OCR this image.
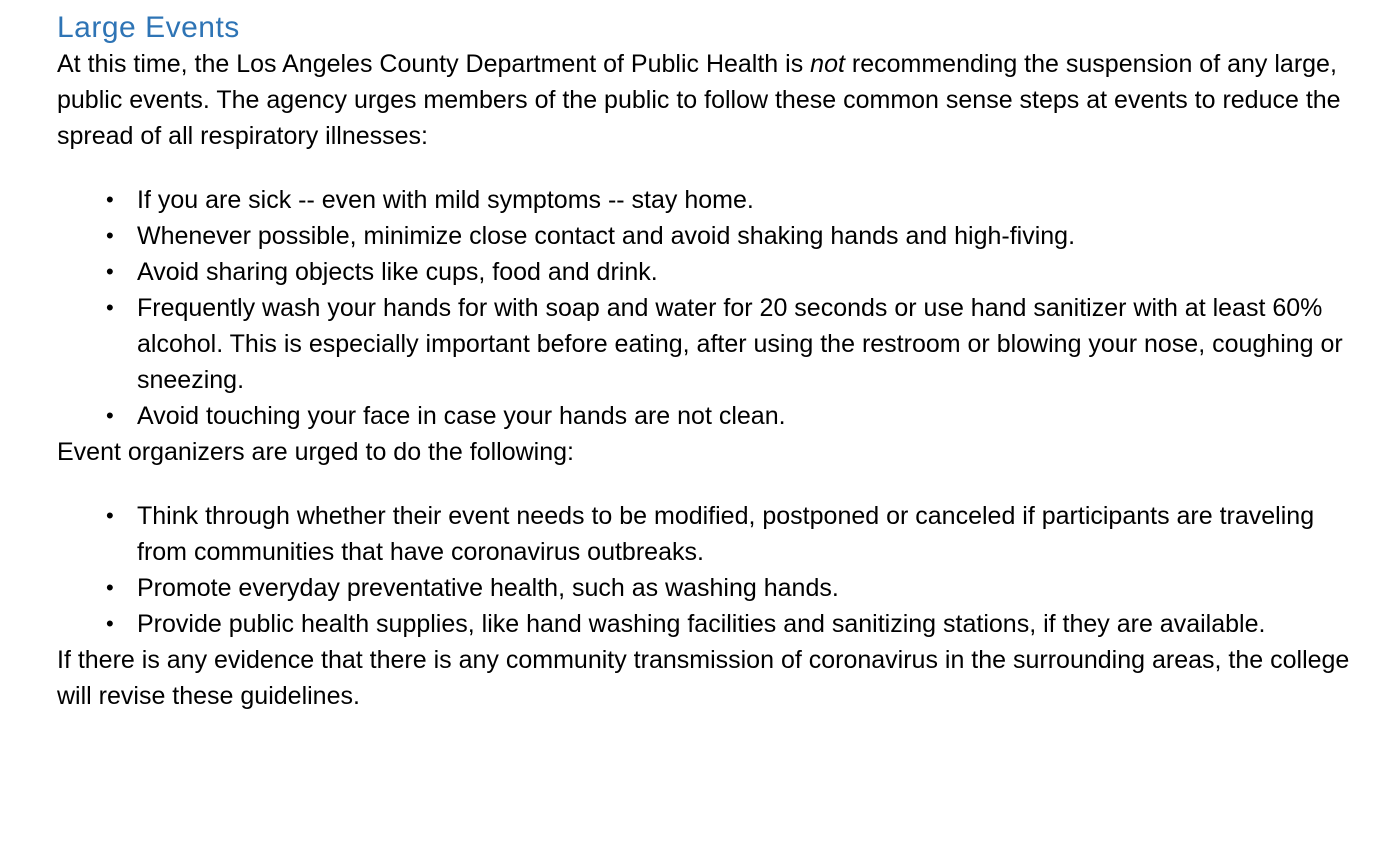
Large Events

At this time, the Los Angeles County Department of Public Health is not recommending the suspension of any large, public events. The agency urges members of the public to follow these common sense steps at events to reduce the spread of all respiratory illnesses:

• If you are sick -- even with mild symptoms -- stay home.
• Whenever possible, minimize close contact and avoid shaking hands and high-fiving.
• Avoid sharing objects like cups, food and drink.
• Frequently wash your hands for with soap and water for 20 seconds or use hand sanitizer with at least 60% alcohol. This is especially important before eating, after using the restroom or blowing your nose, coughing or sneezing.
• Avoid touching your face in case your hands are not clean.

Event organizers are urged to do the following:

• Think through whether their event needs to be modified, postponed or canceled if participants are traveling from communities that have coronavirus outbreaks.
• Promote everyday preventative health, such as washing hands.
• Provide public health supplies, like hand washing facilities and sanitizing stations, if they are available.

If there is any evidence that there is any community transmission of coronavirus in the surrounding areas, the college will revise these guidelines.
